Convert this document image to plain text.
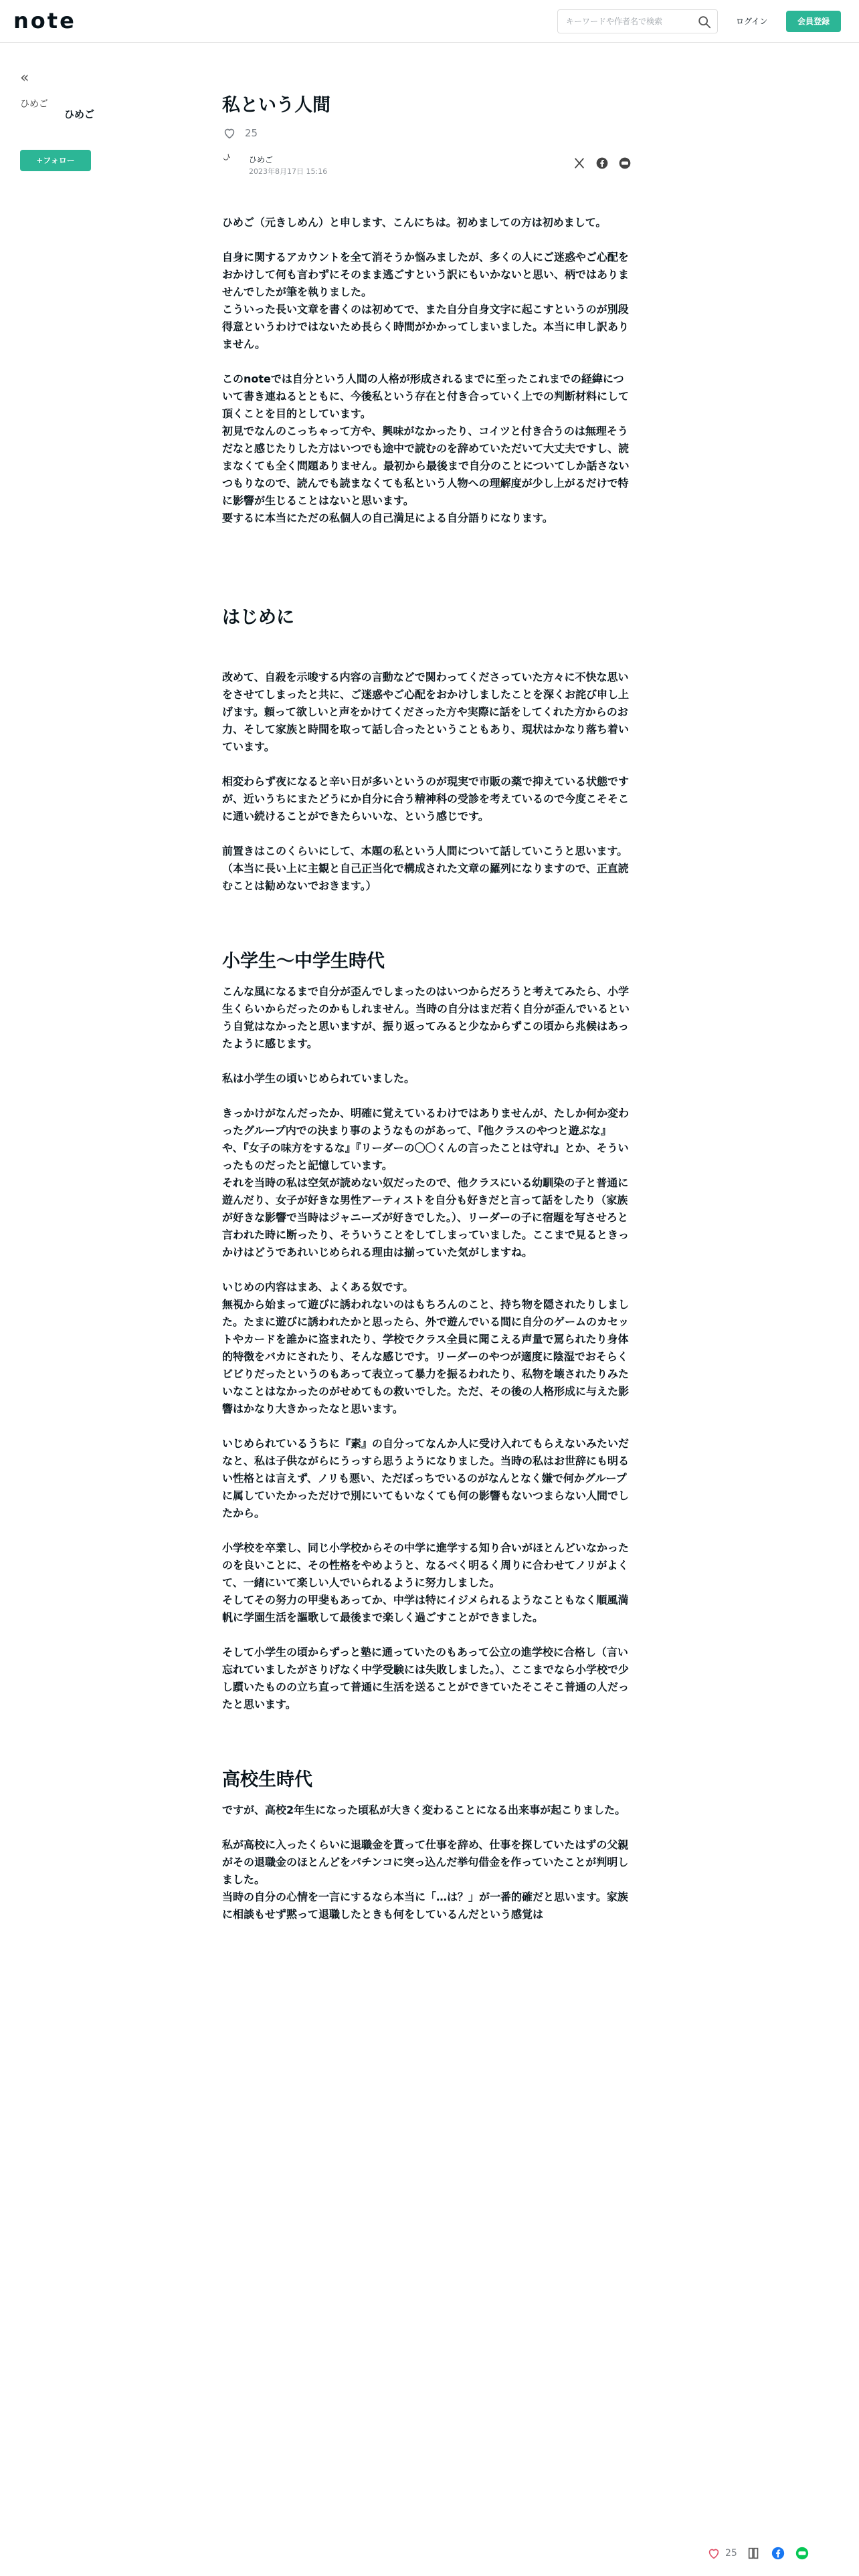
note
キーワードや作者名で検索	ログイン	会員登録
«
ひめご
ひめご
+フォロー
私という人間
25
ひ	ひめご
2023年8月17日 15:16

ひめご（元きしめん）と申します、こんにちは。初めましての方は初めまして。

自身に関するアカウントを全て消そうか悩みましたが、多くの人にご迷惑やご心配をおかけして何も言わずにそのまま逃ごすという訳にもいかないと思い、柄ではありませんでしたが筆を執りました。
こういった長い文章を書くのは初めてで、また自分自身文字に起こすというのが別段得意というわけではないため長らく時間がかかってしまいました。本当に申し訳ありません。

このnoteでは自分という人間の人格が形成されるまでに至ったこれまでの経緯について書き連ねるとともに、今後私という存在と付き合っていく上での判断材料にして頂くことを目的としています。
初見でなんのこっちゃって方や、興味がなかったり、コイツと付き合うのは無理そうだなと感じたりした方はいつでも途中で読むのを辞めていただいて大丈夫ですし、読まなくても全く問題ありません。最初から最後まで自分のことについてしか話さないつもりなので、読んでも読まなくても私という人物への理解度が少し上がるだけで特に影響が生じることはないと思います。
要するに本当にただの私個人の自己満足による自分語りになります。

はじめに

改めて、自殺を示唆する内容の言動などで関わってくださっていた方々に不快な思いをさせてしまったと共に、ご迷惑やご心配をおかけしましたことを深くお詫び申し上げます。頼って欲しいと声をかけてくださった方や実際に話をしてくれた方からのお力、そして家族と時間を取って話し合ったということもあり、現状はかなり落ち着いています。

相変わらず夜になると辛い日が多いというのが現実で市販の薬で抑えている状態ですが、近いうちにまたどうにか自分に合う精神科の受診を考えているので今度こそそこに通い続けることができたらいいな、という感じです。

前置きはこのくらいにして、本題の私という人間について話していこうと思います。（本当に長い上に主観と自己正当化で構成された文章の羅列になりますので、正直読むことは勧めないでおきます。）

小学生〜中学生時代

こんな風になるまで自分が歪んでしまったのはいつからだろうと考えてみたら、小学生くらいからだったのかもしれません。当時の自分はまだ若く自分が歪んでいるという自覚はなかったと思いますが、振り返ってみると少なからずこの頃から兆候はあったように感じます。

私は小学生の頃いじめられていました。

きっかけがなんだったか、明確に覚えているわけではありませんが、たしか何か変わったグループ内での決まり事のようなものがあって、『他クラスのやつと遊ぶな』や、『女子の味方をするな』『リーダーの〇〇くんの言ったことは守れ』とか、そういったものだったと記憶しています。
それを当時の私は空気が読めない奴だったので、他クラスにいる幼馴染の子と普通に遊んだり、女子が好きな男性アーティストを自分も好きだと言って話をしたり（家族が好きな影響で当時はジャニーズが好きでした。）、リーダーの子に宿題を写させろと言われた時に断ったり、そういうことをしてしまっていました。ここまで見るときっかけはどうであれいじめられる理由は揃っていた気がしますね。

いじめの内容はまあ、よくある奴です。
無視から始まって遊びに誘われないのはもちろんのこと、持ち物を隠されたりしました。たまに遊びに誘われたかと思ったら、外で遊んでいる間に自分のゲームのカセットやカードを誰かに盗まれたり、学校でクラス全員に聞こえる声量で罵られたり身体的特徴をバカにされたり、そんな感じです。リーダーのやつが適度に陰湿でおそらくビビりだったというのもあって表立って暴力を振るわれたり、私物を壊されたりみたいなことはなかったのがせめてもの救いでした。ただ、その後の人格形成に与えた影響はかなり大きかったなと思います。

いじめられているうちに『素』の自分ってなんか人に受け入れてもらえないみたいだなと、私は子供ながらにうっすら思うようになりました。当時の私はお世辞にも明るい性格とは言えず、ノリも悪い、ただぼっちでいるのがなんとなく嫌で何かグループに属していたかっただけで別にいてもいなくても何の影響もないつまらない人間でしたから。

小学校を卒業し、同じ小学校からその中学に進学する知り合いがほとんどいなかったのを良いことに、その性格をやめようと、なるべく明るく周りに合わせてノリがよくて、一緒にいて楽しい人でいられるように努力しました。
そしてその努力の甲斐もあってか、中学は特にイジメられるようなこともなく順風満帆に学園生活を謳歌して最後まで楽しく過ごすことができました。

そして小学生の頃からずっと塾に通っていたのもあって公立の進学校に合格し（言い忘れていましたがさりげなく中学受験には失敗しました。）、ここまでなら小学校で少し躓いたものの立ち直って普通に生活を送ることができていたそこそこ普通の人だったと思います。

高校生時代

ですが、高校2年生になった頃私が大きく変わることになる出来事が起こりました。

私が高校に入ったくらいに退職金を貰って仕事を辞め、仕事を探していたはずの父親がその退職金のほとんどをパチンコに突っ込んだ挙句借金を作っていたことが判明しました。
当時の自分の心情を一言にするなら本当に「…は？」が一番的確だと思います。家族に相談もせず黙って退職したときも何をしているんだという感覚は

25
